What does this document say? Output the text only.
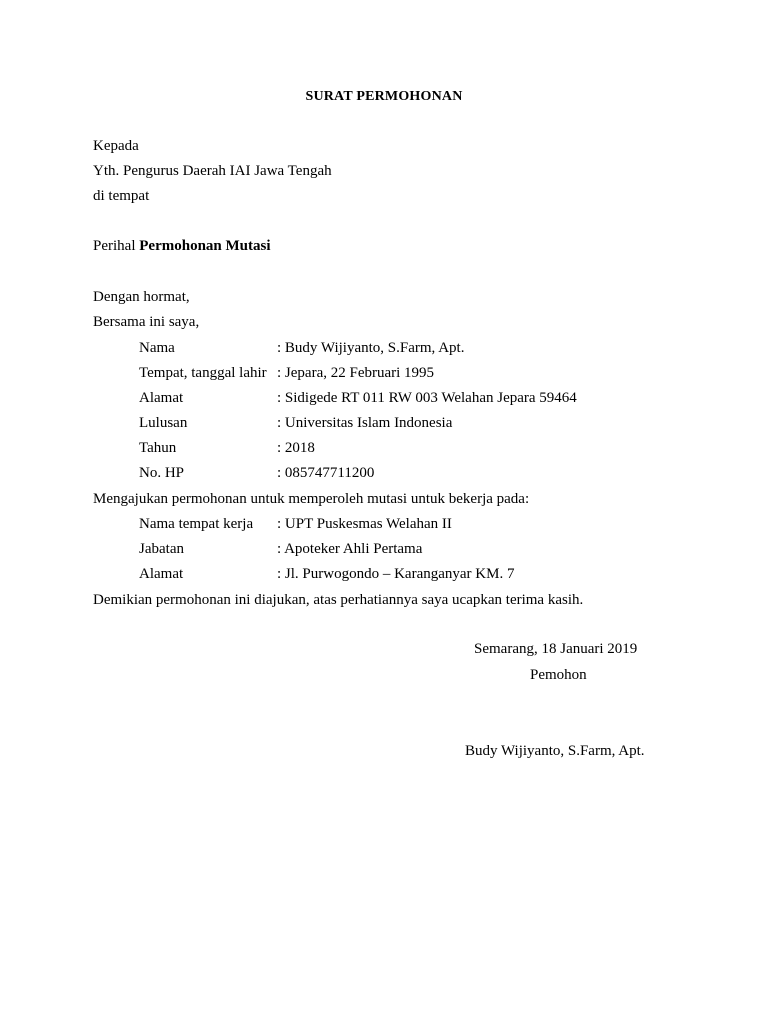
SURAT PERMOHONAN
Kepada
Yth. Pengurus Daerah IAI Jawa Tengah
di tempat
Perihal Permohonan Mutasi
Dengan hormat,
Bersama ini saya,
Nama	: Budy Wijiyanto, S.Farm, Apt.
Tempat, tanggal lahir : Jepara, 22 Februari 1995
Alamat	: Sidigede RT 011 RW 003 Welahan Jepara 59464
Lulusan	: Universitas Islam Indonesia
Tahun	: 2018
No. HP	: 085747711200
Mengajukan permohonan untuk memperoleh mutasi untuk bekerja pada:
Nama tempat kerja : UPT Puskesmas Welahan II
Jabatan	: Apoteker Ahli Pertama
Alamat	: Jl. Purwogondo – Karanganyar KM. 7
Demikian permohonan ini diajukan, atas perhatiannya saya ucapkan terima kasih.
Semarang, 18 Januari 2019
Pemohon
Budy Wijiyanto, S.Farm, Apt.
